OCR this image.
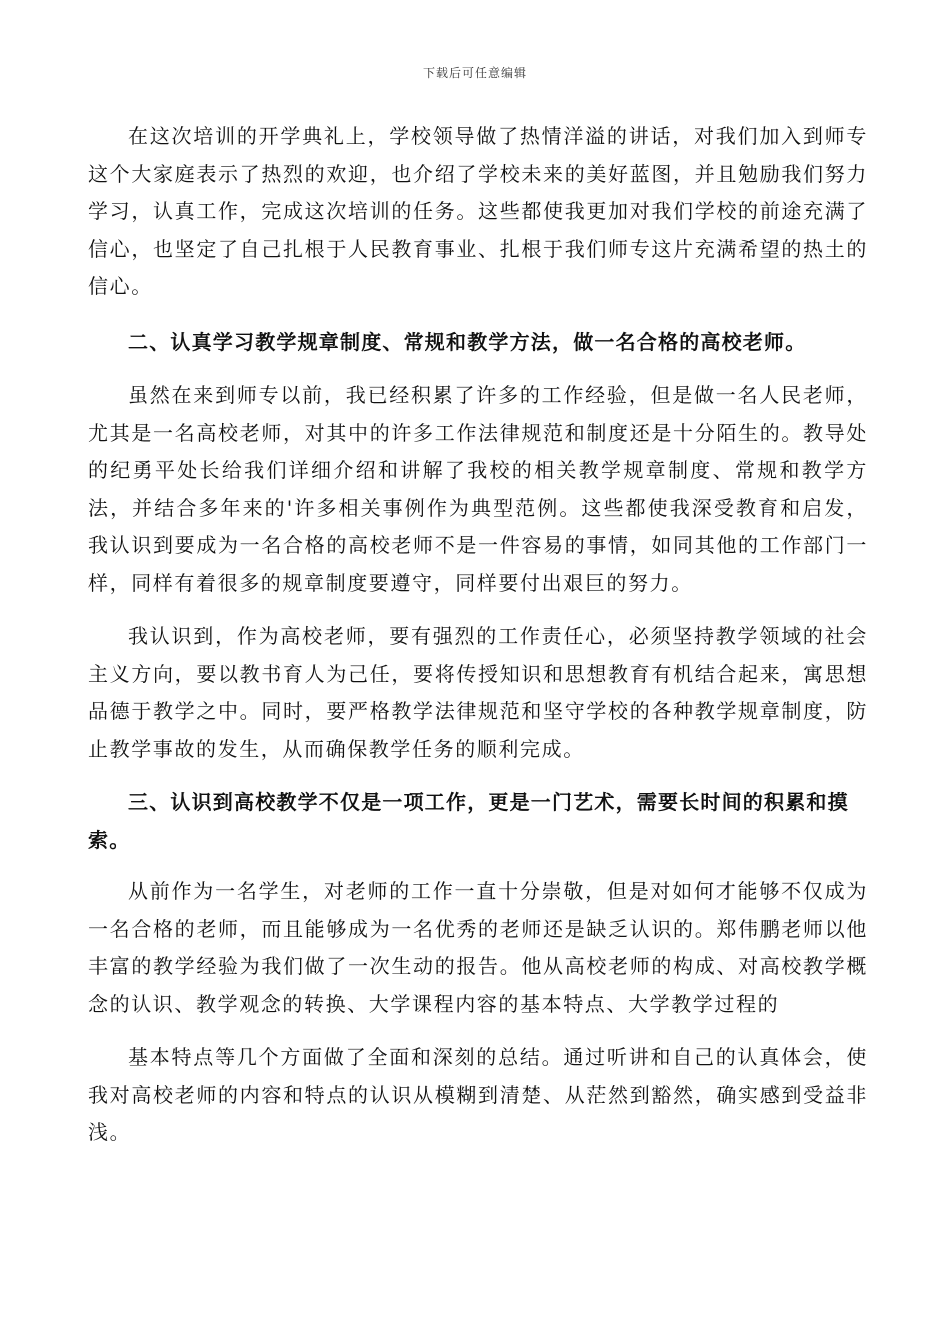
下载后可任意编辑

在这次培训的开学典礼上，学校领导做了热情洋溢的讲话，对我们加入到师专这个大家庭表示了热烈的欢迎，也介绍了学校未来的美好蓝图，并且勉励我们努力学习，认真工作，完成这次培训的任务。这些都使我更加对我们学校的前途充满了信心，也坚定了自己扎根于人民教育事业、扎根于我们师专这片充满希望的热土的信心。

二、认真学习教学规章制度、常规和教学方法，做一名合格的高校老师。

虽然在来到师专以前，我已经积累了许多的工作经验，但是做一名人民老师，尤其是一名高校老师，对其中的许多工作法律规范和制度还是十分陌生的。教导处的纪勇平处长给我们详细介绍和讲解了我校的相关教学规章制度、常规和教学方法，并结合多年来的'许多相关事例作为典型范例。这些都使我深受教育和启发，我认识到要成为一名合格的高校老师不是一件容易的事情，如同其他的工作部门一样，同样有着很多的规章制度要遵守，同样要付出艰巨的努力。

我认识到，作为高校老师，要有强烈的工作责任心，必须坚持教学领域的社会主义方向，要以教书育人为己任，要将传授知识和思想教育有机结合起来，寓思想品德于教学之中。同时，要严格教学法律规范和坚守学校的各种教学规章制度，防止教学事故的发生，从而确保教学任务的顺利完成。

三、认识到高校教学不仅是一项工作，更是一门艺术，需要长时间的积累和摸索。

从前作为一名学生，对老师的工作一直十分崇敬，但是对如何才能够不仅成为一名合格的老师，而且能够成为一名优秀的老师还是缺乏认识的。郑伟鹏老师以他丰富的教学经验为我们做了一次生动的报告。他从高校老师的构成、对高校教学概念的认识、教学观念的转换、大学课程内容的基本特点、大学教学过程的

基本特点等几个方面做了全面和深刻的总结。通过听讲和自己的认真体会，使我对高校老师的内容和特点的认识从模糊到清楚、从茫然到豁然，确实感到受益非浅。
